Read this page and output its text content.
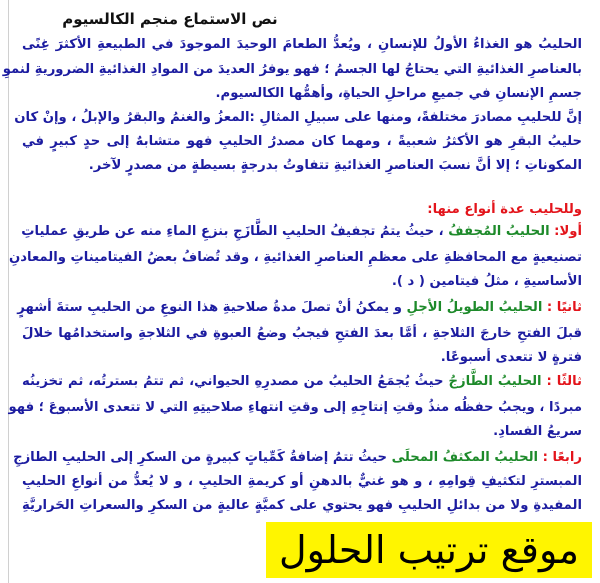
نص الاستماع منجم الكالسيوم
الحليبُ هو الغذاءُ الأولُ للإنسانِ ، ويُعدُّ الطعامَ الوحيدَ الموجودَ في الطبيعةِ الأكثرَ غِنًى
بالعناصرِ الغذائيةِ التي يحتاجُ لها الجسمُ ؛ فهو يوفرُ العديدَ من الموادِ الغذائيةِ الضروريةِ لنموِ
جسمِ الإنسانِ في جميعِ مراحلِ الحياةِ، وأهمُّها الكالسيوم.
إنَّ للحليبِ مصادرَ مختلفةً، ومنها على سبيلِ المثالِ :المعزُ والغنمُ والبقرُ والإبلُ ، وإنْ كان
حليبُ البقرِ هو الأكثرُ شعبيةً ، ومهما كان مصدرُ الحليبِ فهو متشابهٌ إلى حدٍ كبيرٍ في
المكوناتِ ؛ إلا أنَّ نسبَ العناصرِ الغذائيةِ تتفاوتُ بدرجةٍ بسيطةٍ من مصدرٍ لآخر.
وللحليب عدة أنواع منها:
أولا: الحليبُ المُجففُ ، حيثُ يتمُ تجفيفُ الحليبِ الطَّازَجِ بنزعِ الماءِ منه عن طريقِ عملياتِ
تصنيعيةٍ مع المحافظةِ على معظمِ العناصرِ الغذائيةِ ، وقد تُضافُ بعضُ الفيتاميناتِ والمعادنِ
الأساسيةِ ، مثلُ فيتامين ( د ).
ثانيًا : الحليبُ الطويلُ الأجلِ و يمكنُ أنْ تصلَ مدةُ صلاحيةِ هذا النوعِ من الحليبِ ستةَ أشهرٍ
قبلَ الفتحِ خارجَ الثلاجةِ ، أمَّا بعدَ الفتحِ فيجبُ وضعُ العبوةِ في الثلاجةِ واستخدامُها خلالَ
فترةٍ لا تتعدى أسبوعًا.
ثالثًا : الحليبُ الطَّازجُ حيثُ يُجمَعُ الحليبُ من مصدرِهِ الحيواني، ثم تتمُ بسترتُه، ثم تخزينُه
مبردًا ، ويجبُ حفظُه منذُ وقتِ إنتاجِهِ إلى وقتِ انتهاءِ صلاحيتِهِ التي لا تتعدى الأسبوعَ ؛ فهو
سريعُ الفسادِ.
رابعًا : الحليبُ المكثفُ المحلَى حيثُ تتمُ إضافةُ كَمِّياتٍ كبيرةٍ من السكرِ إلى الحليبِ الطازجِ
المبسترِ لتكثيفِ قِوامِهِ ، و هو غنيٌّ بالدهنِ أو كريمةِ الحليبِ ، و لا يُعدُّ من أنواعِ الحليبِ
المفيدةِ ولا من بدائلِ الحليبِ فهو يحتوي على كميَّةٍ عاليةٍ من السكرِ والسعراتِ الحَراريَّةِ
موقع ترتيب الحلول
